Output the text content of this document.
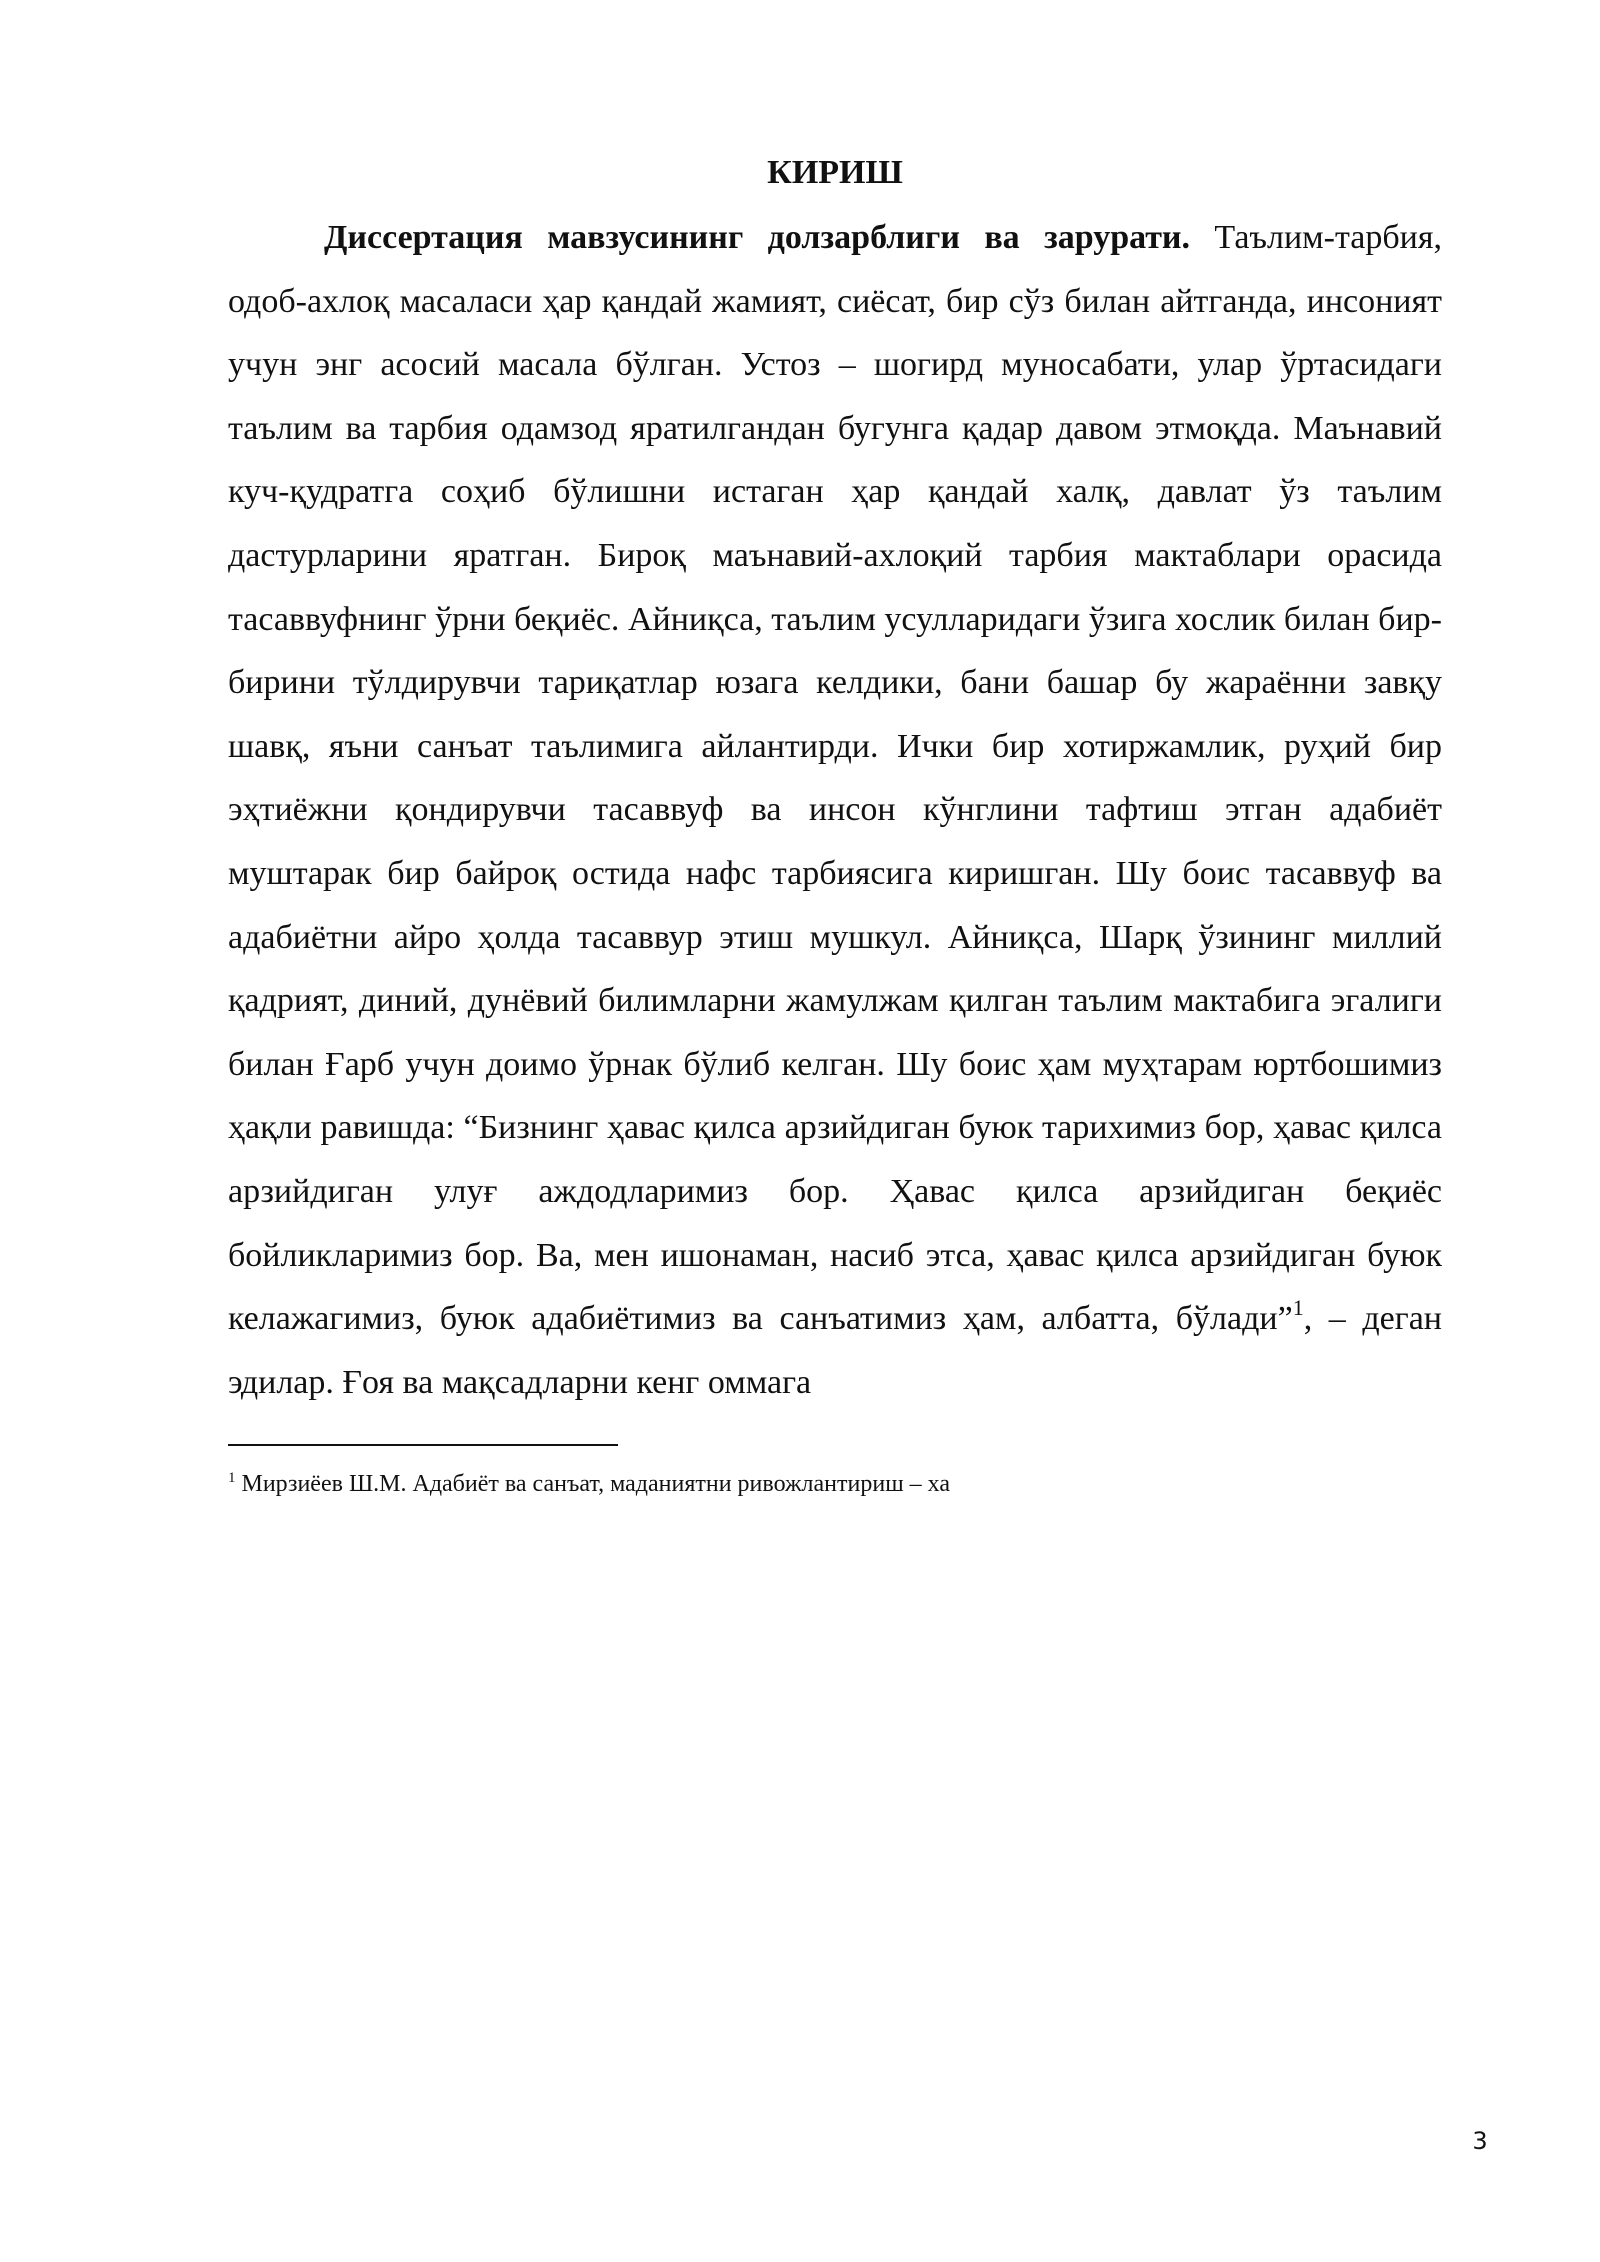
КИРИШ

Диссертация мавзусининг долзарблиги ва зарурати. Таълим-тарбия, одоб-ахлоқ масаласи ҳар қандай жамият, сиёсат, бир сўз билан айтганда, инсоният учун энг асосий масала бўлган. Устоз – шогирд муносабати, улар ўртасидаги таълим ва тарбия одамзод яратилгандан бугунга қадар давом этмоқда. Маънавий куч-қудратга соҳиб бўлишни истаган ҳар қандай халқ, давлат ўз таълим дастурларини яратган. Бироқ маънавий-ахлоқий тарбия мактаблари орасида тасаввуфнинг ўрни беқиёс. Айниқса, таълим усулларидаги ўзига хослик билан бир-бирини тўлдирувчи тариқатлар юзага келдики, бани башар бу жараённи завқу шавқ, яъни санъат таълимига айлантирди. Ички бир хотиржамлик, руҳий бир эҳтиёжни қондирувчи тасаввуф ва инсон кўнглини тафтиш этган адабиёт муштарак бир байроқ остида нафс тарбиясига киришган. Шу боис тасаввуф ва адабиётни айро ҳолда тасаввур этиш мушкул. Айниқса, Шарқ ўзининг миллий қадрият, диний, дунёвий билимларни жамулжам қилган таълим мактабига эгалиги билан Ғарб учун доимо ўрнак бўлиб келган. Шу боис ҳам муҳтарам юртбошимиз ҳақли равишда: “Бизнинг ҳавас қилса арзийдиган буюк тарихимиз бор, ҳавас қилса арзийдиган улуғ аждодларимиз бор. Ҳавас қилса арзийдиган беқиёс бойликларимиз бор. Ва, мен ишонаман, насиб этса, ҳавас қилса арзийдиган буюк келажагимиз, буюк адабиётимиз ва санъатимиз ҳам, албатта, бўлади”$^1$, – деган эдилар. Ғоя ва мақсадларни кенг оммага

$^1$ Мирзиёев Ш.М. Адабиёт ва санъат, маданиятни ривожлантириш – ха

3
